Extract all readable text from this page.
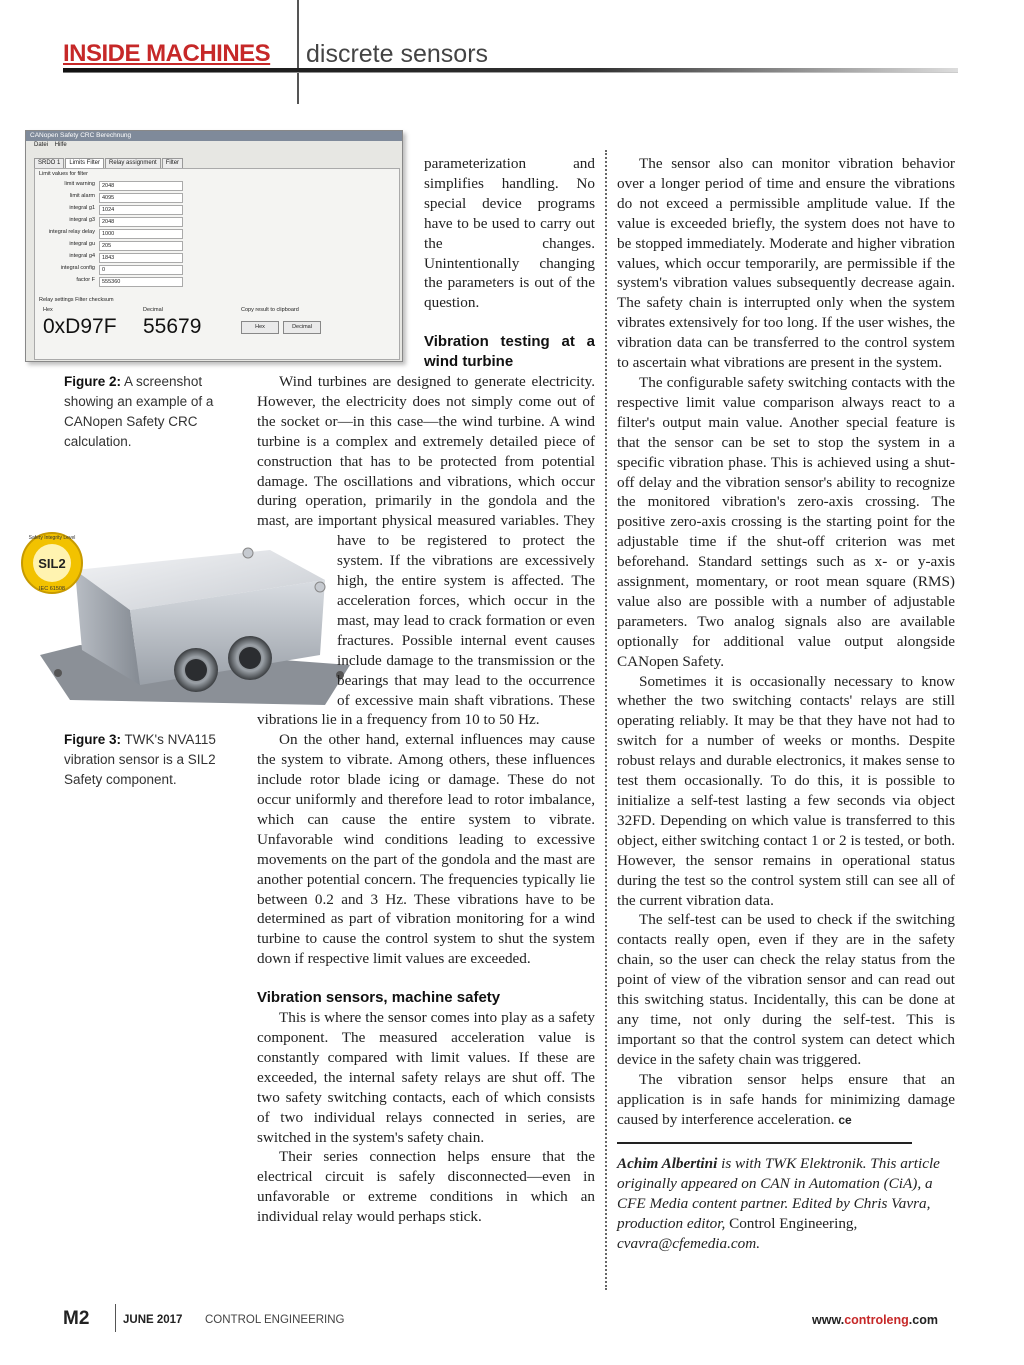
INSIDE MACHINES discrete sensors
CANopen Safety CRC Berechnung
Datei Hilfe
SRDO 1	Limits Filter	Relay assignment	Filter
Limit values for filter
limit warning	2048
limit alarm	4095
integral g1	1024
integral g3	2048
integral relay delay	1000
integral gu	205
integral g4	1843
integral config	0
factor F	555360
Relay settings Filter checksum
Hex	Decimal
0xD97F 55679
Copy result to clipboard
Hex	Decimal
Figure 2: A screenshot showing an example of a CANopen Safety CRC calculation.
SIL2
Safety Integrity Level
IEC 61508
Figure 3: TWK's NVA115 vibration sensor is a SIL2 Safety component.

parameterization and simplifies handling. No special device programs have to be used to carry out the changes. Unintentionally changing the parameters is out of the question.

Vibration testing at a wind turbine

Wind turbines are designed to generate electricity. However, the electricity does not simply come out of the socket or—in this case—the wind turbine. A wind turbine is a complex and extremely detailed piece of construction that has to be protected from potential damage. The oscillations and vibrations, which occur during operation, primarily in the gondola and the mast, are important physical measured variables. They have to be registered to protect the system. If the vibrations are excessively high, the entire system is affected. The acceleration forces, which occur in the mast, may lead to crack formation or even fractures. Possible internal event causes include damage to the transmission or the bearings that may lead to the occurrence of excessive main shaft vibrations. These vibrations lie in a frequency from 10 to 50 Hz.

On the other hand, external influences may cause the system to vibrate. Among others, these influences include rotor blade icing or damage. These do not occur uniformly and therefore lead to rotor imbalance, which can cause the entire system to vibrate. Unfavorable wind conditions leading to excessive movements on the part of the gondola and the mast are another potential concern. The frequencies typically lie between 0.2 and 3 Hz. These vibrations have to be determined as part of vibration monitoring for a wind turbine to cause the control system to shut the system down if respective limit values are exceeded.

Vibration sensors, machine safety

This is where the sensor comes into play as a safety component. The measured acceleration value is constantly compared with limit values. If these are exceeded, the internal safety relays are shut off. The two safety switching contacts, each of which consists of two individual relays connected in series, are switched in the system's safety chain.

Their series connection helps ensure that the electrical circuit is safely disconnected—even in unfavorable or extreme conditions in which an individual relay would perhaps stick.

The sensor also can monitor vibration behavior over a longer period of time and ensure the vibrations do not exceed a permissible amplitude value. If the value is exceeded briefly, the system does not have to be stopped immediately. Moderate and higher vibration values, which occur temporarily, are permissible if the system's vibration values subsequently decrease again. The safety chain is interrupted only when the system vibrates extensively for too long. If the user wishes, the vibration data can be transferred to the control system to ascertain what vibrations are present in the system.

The configurable safety switching contacts with the respective limit value comparison always react to a filter's output main value. Another special feature is that the sensor can be set to stop the system in a specific vibration phase. This is achieved using a shut-off delay and the vibration sensor's ability to recognize the monitored vibration's zero-axis crossing. The positive zero-axis crossing is the starting point for the adjustable time if the shut-off criterion was met beforehand. Standard settings such as x- or y-axis assignment, momentary, or root mean square (RMS) value also are possible with a number of adjustable parameters. Two analog signals also are available optionally for additional value output alongside CANopen Safety.

Sometimes it is occasionally necessary to know whether the two switching contacts' relays are still operating reliably. It may be that they have not had to switch for a number of weeks or months. Despite robust relays and durable electronics, it makes sense to test them occasionally. To do this, it is possible to initialize a self-test lasting a few seconds via object 32FD. Depending on which value is transferred to this object, either switching contact 1 or 2 is tested, or both. However, the sensor remains in operational status during the test so the control system still can see all of the current vibration data.

The self-test can be used to check if the switching contacts really open, even if they are in the safety chain, so the user can check the relay status from the point of view of the vibration sensor and can read out this switching status. Incidentally, this can be done at any time, not only during the self-test. This is important so that the control system can detect which device in the safety chain was triggered.

The vibration sensor helps ensure that an application is in safe hands for minimizing damage caused by interference acceleration. ce

Achim Albertini is with TWK Elektronik. This article originally appeared on CAN in Automation (CiA), a CFE Media content partner. Edited by Chris Vavra, production editor, Control Engineering, cvavra@cfemedia.com.

M2	JUNE 2017 CONTROL ENGINEERING	www.controleng.com
